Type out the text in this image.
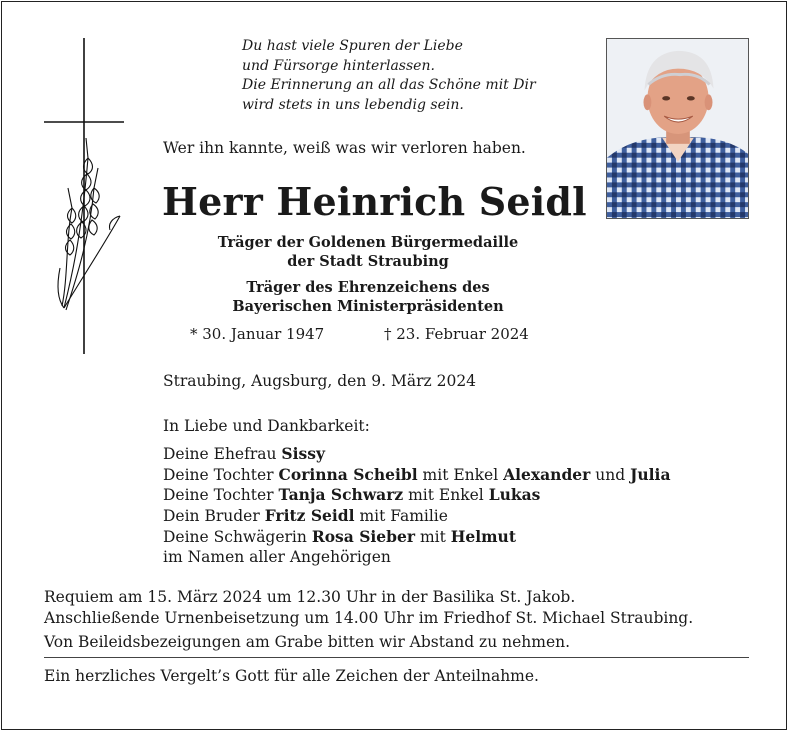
Du hast viele Spuren der Liebe
und Fürsorge hinterlassen.
Die Erinnerung an all das Schöne mit Dir
wird stets in uns lebendig sein.
Wer ihn kannte, weiß was wir verloren haben.
Herr Heinrich Seidl
Träger der Goldenen Bürgermedaille
der Stadt Straubing
Träger des Ehrenzeichens des
Bayerischen Ministerpräsidenten
* 30. Januar 1947	† 23. Februar 2024
Straubing, Augsburg, den 9. März 2024
In Liebe und Dankbarkeit:
Deine Ehefrau Sissy
Deine Tochter Corinna Scheibl mit Enkel Alexander und Julia
Deine Tochter Tanja Schwarz mit Enkel Lukas
Dein Bruder Fritz Seidl mit Familie
Deine Schwägerin Rosa Sieber mit Helmut
im Namen aller Angehörigen
Requiem am 15. März 2024 um 12.30 Uhr in der Basilika St. Jakob.
Anschließende Urnenbeisetzung um 14.00 Uhr im Friedhof St. Michael Straubing.
Von Beileidsbezeigungen am Grabe bitten wir Abstand zu nehmen.
Ein herzliches Vergelt’s Gott für alle Zeichen der Anteilnahme.
